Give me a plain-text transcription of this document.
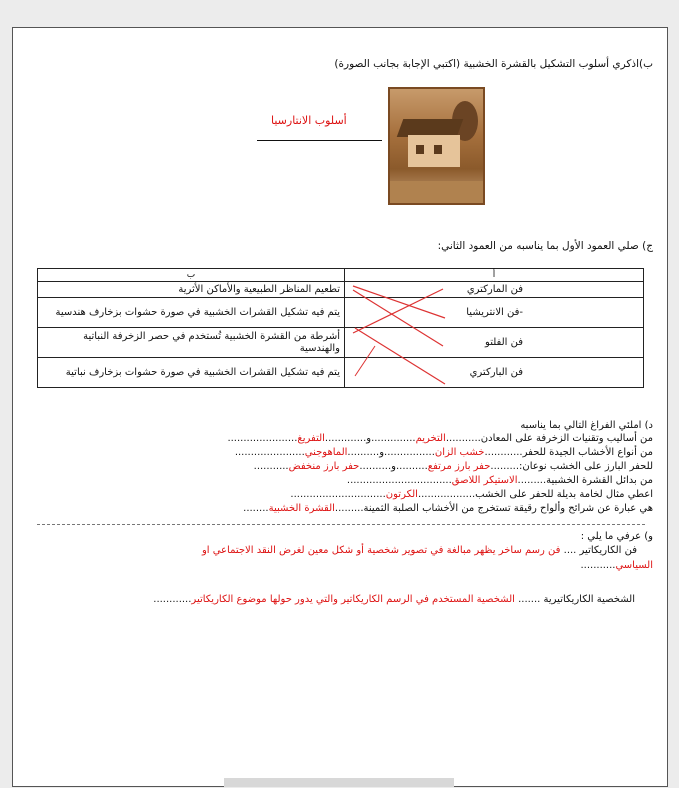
ب)اذكري أسلوب التشكيل بالقشرة الخشبية (اكتبي الإجابة بجانب الصورة)
أسلوب الانتارسيا
ج) صلي العمود الأول بما يناسبه من العمود الثاني:
أ	ب
فن الماركتري	تطعيم المناظر الطبيعية والأماكن الأثرية
-فن الانتريشيا	يتم فيه تشكيل القشرات الخشبية في صورة حشوات بزخارف هندسية
فن الفلتو	أشرطة من القشرة الخشبية تُستخدم في حصر الزخرفة النباتية والهندسية
فن الباركتري	يتم فيه تشكيل القشرات الخشبية في صورة حشوات بزخارف نباتية
د) املئي الفراغ التالي بما يناسبه
من أساليب وتقنيات الزخرفة على المعادن...........التخريم..............و.............التفريغ......................
من أنواع الأخشاب الجيدة للحفر............خشب الزان................و..........الماهوجني......................
للحفر البارز على الخشب نوعان:.........حفر بارز مرتفع..........و..........حفر بارز منخفض...........
من بدائل القشرة الخشبية.........الاستيكر اللاصق.................................
اعطي مثال لخامة بديلة للحفر على الخشب..................الكرتون..............................
هي عبارة عن شرائح وألواح رقيقة تستخرج من الأخشاب الصلبة الثمينة.........القشرة الخشبية........
و) عرفي ما يلي :
فن الكاريكاتير .... فن رسم ساخر يظهر مبالغة في تصوير شخصية أو شكل معين لغرض النقد الاجتماعي او
السياسي...........
الشخصية الكاريكاتيرية ....... الشخصية المستخدم في الرسم الكاريكاتير والتي يدور حولها موضوع الكاريكاتير............
